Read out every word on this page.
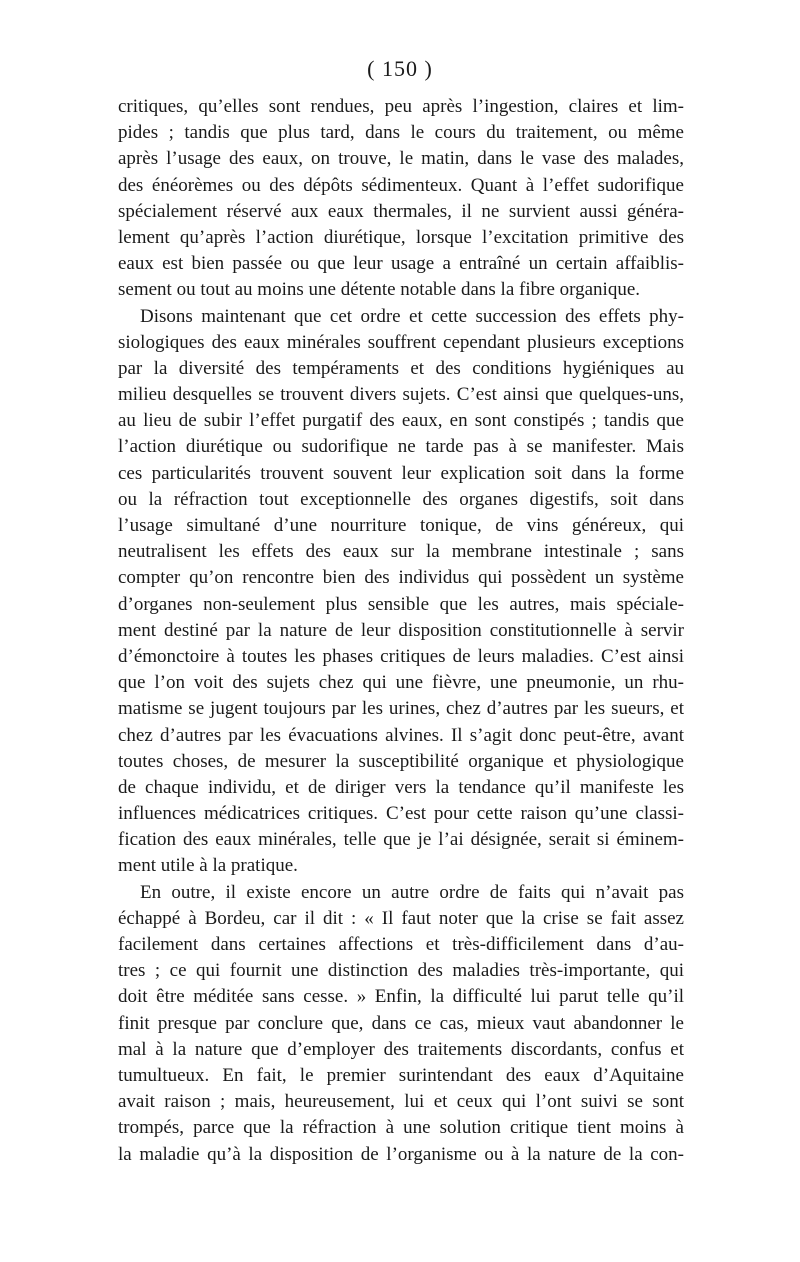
( 150 )
critiques, qu’elles sont rendues, peu après l’ingestion, claires et lim-
pides ; tandis que plus tard, dans le cours du traitement, ou même
après l’usage des eaux, on trouve, le matin, dans le vase des malades,
des énéorèmes ou des dépôts sédimenteux. Quant à l’effet sudorifique
spécialement réservé aux eaux thermales, il ne survient aussi généra-
lement qu’après l’action diurétique, lorsque l’excitation primitive des
eaux est bien passée ou que leur usage a entraîné un certain affaiblis-
sement ou tout au moins une détente notable dans la fibre organique.
Disons maintenant que cet ordre et cette succession des effets phy-
siologiques des eaux minérales souffrent cependant plusieurs exceptions
par la diversité des tempéraments et des conditions hygiéniques au
milieu desquelles se trouvent divers sujets. C’est ainsi que quelques-uns,
au lieu de subir l’effet purgatif des eaux, en sont constipés ; tandis que
l’action diurétique ou sudorifique ne tarde pas à se manifester. Mais
ces particularités trouvent souvent leur explication soit dans la forme
ou la réfraction tout exceptionnelle des organes digestifs, soit dans
l’usage simultané d’une nourriture tonique, de vins généreux, qui
neutralisent les effets des eaux sur la membrane intestinale ; sans
compter qu’on rencontre bien des individus qui possèdent un système
d’organes non-seulement plus sensible que les autres, mais spéciale-
ment destiné par la nature de leur disposition constitutionnelle à servir
d’émonctoire à toutes les phases critiques de leurs maladies. C’est ainsi
que l’on voit des sujets chez qui une fièvre, une pneumonie, un rhu-
matisme se jugent toujours par les urines, chez d’autres par les sueurs, et
chez d’autres par les évacuations alvines. Il s’agit donc peut-être, avant
toutes choses, de mesurer la susceptibilité organique et physiologique
de chaque individu, et de diriger vers la tendance qu’il manifeste les
influences médicatrices critiques. C’est pour cette raison qu’une classi-
fication des eaux minérales, telle que je l’ai désignée, serait si éminem-
ment utile à la pratique.
En outre, il existe encore un autre ordre de faits qui n’avait pas
échappé à Bordeu, car il dit : « Il faut noter que la crise se fait assez
facilement dans certaines affections et très-difficilement dans d’au-
tres ; ce qui fournit une distinction des maladies très-importante, qui
doit être méditée sans cesse. » Enfin, la difficulté lui parut telle qu’il
finit presque par conclure que, dans ce cas, mieux vaut abandonner le
mal à la nature que d’employer des traitements discordants, confus et
tumultueux. En fait, le premier surintendant des eaux d’Aquitaine
avait raison ; mais, heureusement, lui et ceux qui l’ont suivi se sont
trompés, parce que la réfraction à une solution critique tient moins à
la maladie qu’à la disposition de l’organisme ou à la nature de la con-
